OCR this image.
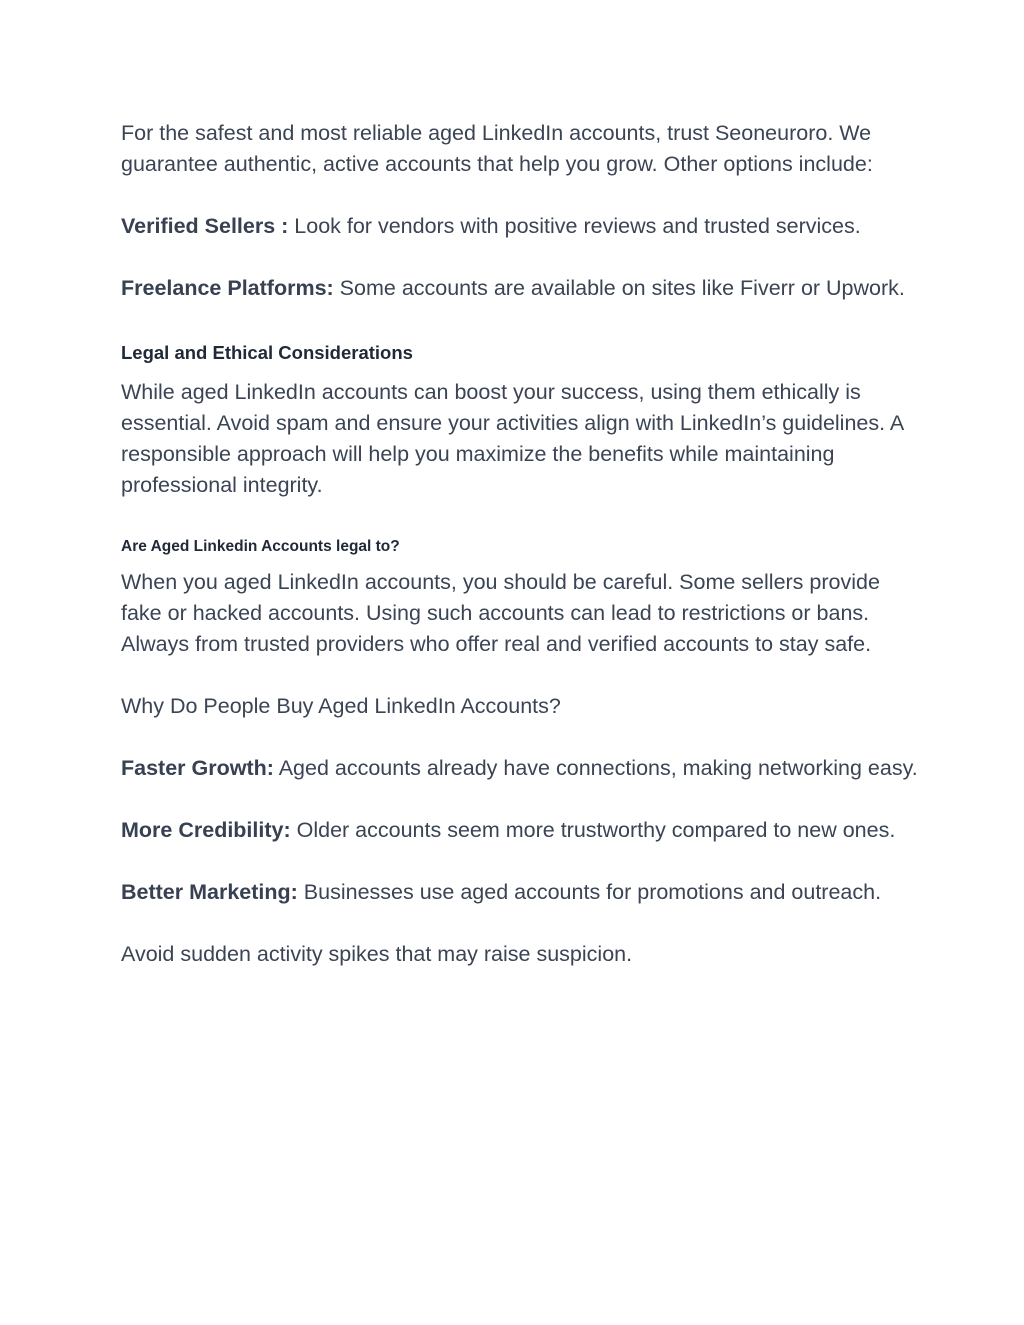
For the safest and most reliable aged LinkedIn accounts, trust Seoneuroro. We guarantee authentic, active accounts that help you grow. Other options include:

Verified Sellers : Look for vendors with positive reviews and trusted services.

Freelance Platforms: Some accounts are available on sites like Fiverr or Upwork.

Legal and Ethical Considerations

While aged LinkedIn accounts can boost your success, using them ethically is essential. Avoid spam and ensure your activities align with LinkedIn’s guidelines. A responsible approach will help you maximize the benefits while maintaining professional integrity.

Are Aged Linkedin Accounts legal to?

When you aged LinkedIn accounts, you should be careful. Some sellers provide fake or hacked accounts. Using such accounts can lead to restrictions or bans. Always from trusted providers who offer real and verified accounts to stay safe.

Why Do People Buy Aged LinkedIn Accounts?

Faster Growth: Aged accounts already have connections, making networking easy.

More Credibility: Older accounts seem more trustworthy compared to new ones.

Better Marketing: Businesses use aged accounts for promotions and outreach.

Avoid sudden activity spikes that may raise suspicion.
